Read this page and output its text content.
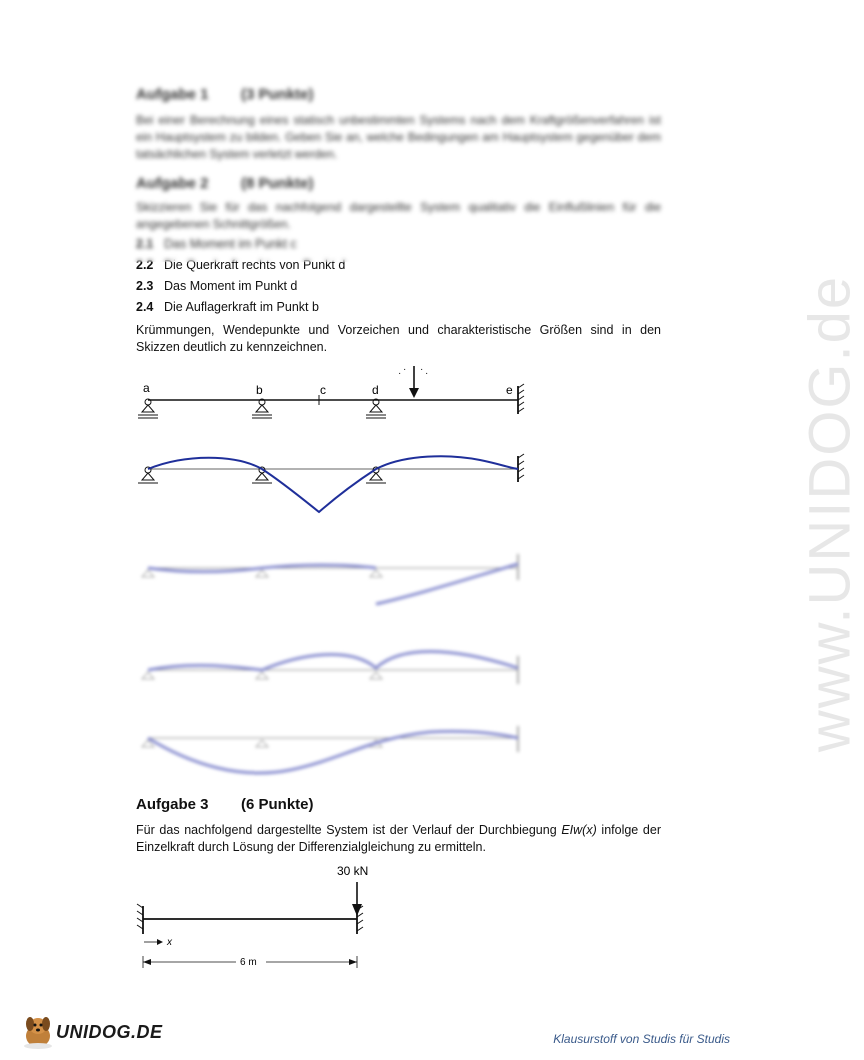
www.UNIDOG.de
Aufgabe 1 (3 Punkte)
Bei einer Berechnung eines statisch unbestimmten Systems nach dem Kraftgrößenverfahren ist ein Hauptsystem zu bilden. Geben Sie an, welche Bedingungen am Hauptsystem gegenüber dem tatsächlichen System verletzt werden.
Aufgabe 2 (8 Punkte)
Skizzieren Sie für das nachfolgend dargestellte System qualitativ die Einflußlinien für die angegebenen Schnittgrößen.
2.1 Das Moment im Punkt c
2.2 Die Querkraft rechts von Punkt d
2.3 Das Moment im Punkt d
2.4 Die Auflagerkraft im Punkt b
Krümmungen, Wendepunkte und Vorzeichen und charakteristische Größen sind in den Skizzen deutlich zu kennzeichnen.
a	b	c	d	e
· · · ·
Aufgabe 3 (6 Punkte)
Für das nachfolgend dargestellte System ist der Verlauf der Durchbiegung EIw(x) infolge der Einzelkraft durch Lösung der Differenzialgleichung zu ermitteln.
30 kN
x
6 m
UNIDOG.DE	Klausurstoff von Studis für Studis
